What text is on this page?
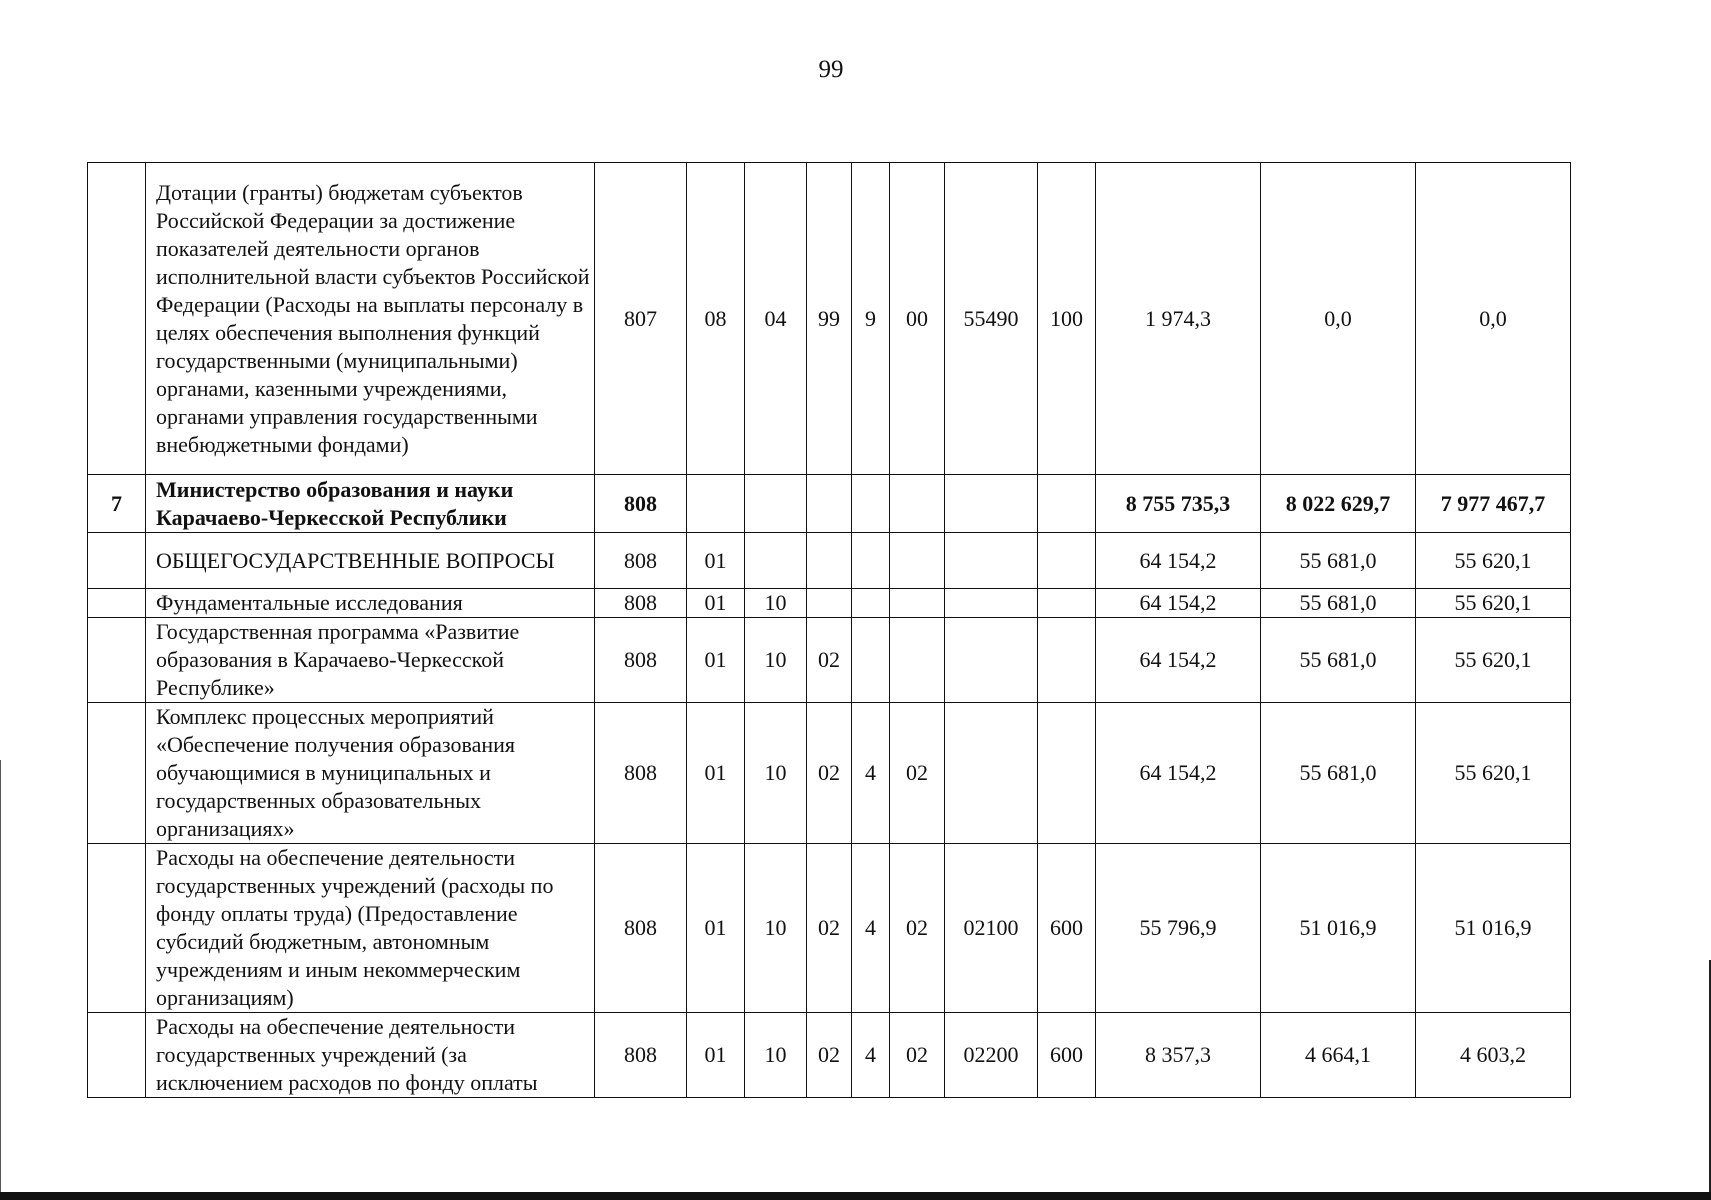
99
	Дотации (гранты) бюджетам субъектов Российской Федерации за достижение показателей деятельности органов исполнительной власти субъектов Российской Федерации (Расходы на выплаты персоналу в целях обеспечения выполнения функций государственными (муниципальными) органами, казенными учреждениями, органами управления государственными внебюджетными фондами)	807	08	04	99	9	00	55490	100	1 974,3	0,0	0,0
7	Министерство образования и науки Карачаево-Черкесской Республики	808								8 755 735,3	8 022 629,7	7 977 467,7
	ОБЩЕГОСУДАРСТВЕННЫЕ ВОПРОСЫ	808	01							64 154,2	55 681,0	55 620,1
	Фундаментальные исследования	808	01	10						64 154,2	55 681,0	55 620,1
	Государственная программа «Развитие образования в Карачаево-Черкесской Республике»	808	01	10	02					64 154,2	55 681,0	55 620,1
	Комплекс процессных мероприятий «Обеспечение получения образования обучающимися в муниципальных и государственных образовательных организациях»	808	01	10	02	4	02			64 154,2	55 681,0	55 620,1
	Расходы на обеспечение деятельности государственных учреждений (расходы по фонду оплаты труда) (Предоставление субсидий бюджетным, автономным учреждениям и иным некоммерческим организациям)	808	01	10	02	4	02	02100	600	55 796,9	51 016,9	51 016,9
	Расходы на обеспечение деятельности государственных учреждений (за исключением расходов по фонду оплаты	808	01	10	02	4	02	02200	600	8 357,3	4 664,1	4 603,2
